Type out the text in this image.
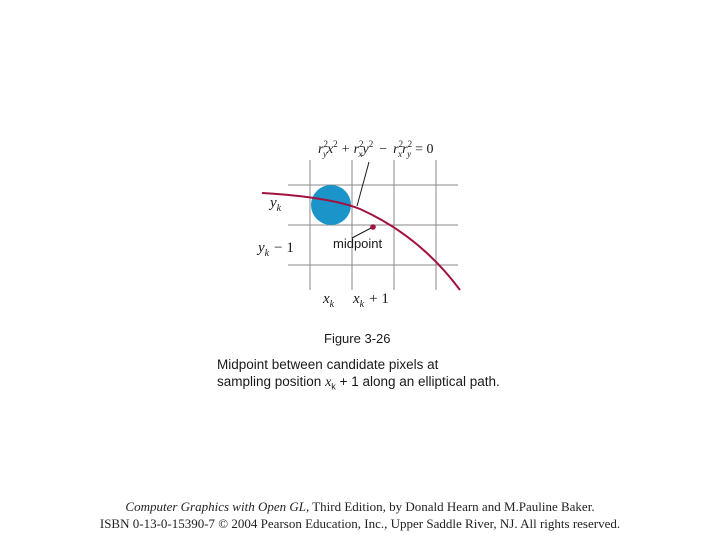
$r^2$ $yx^2 + r^2$ $xy^2 - r^2$ $xr^2$ y = 0
$y_k$
$y_k - 1$
$x_k$ $x_k + 1$
midpoint
Figure 3-26
Midpoint between candidate pixels at
sampling position $x_k + 1$ along an elliptical path.
Computer Graphics with Open GL, Third Edition, by Donald Hearn and M.Pauline Baker.
ISBN 0-13-0-15390-7 © 2004 Pearson Education, Inc., Upper Saddle River, NJ. All rights reserved.
